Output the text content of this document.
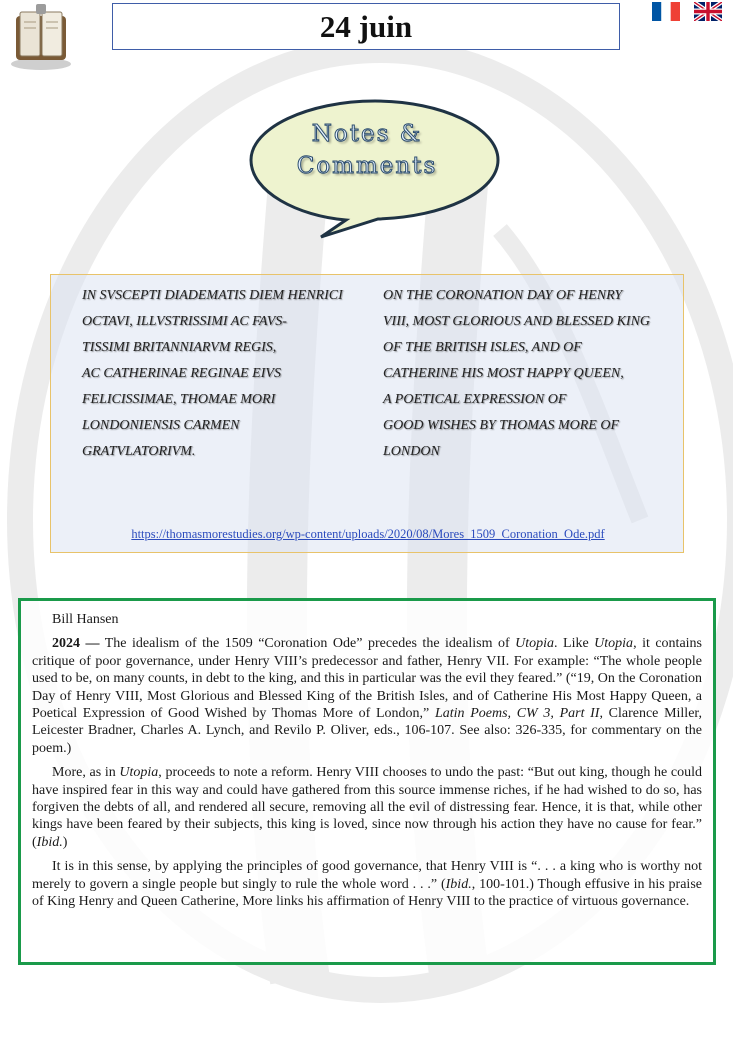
24 juin
Notes &
Comments
IN SVSCEPTI DIADEMATIS DIEM HENRICI
OCTAVI, ILLVSTRISSIMI AC FAVS-
TISSIMI BRITANNIARVM REGIS,
AC CATHERINAE REGINAE EIVS
FELICISSIMAE, THOMAE MORI
LONDONIENSIS CARMEN
GRATVLATORIVM.
ON THE CORONATION DAY OF HENRY
VIII, MOST GLORIOUS AND BLESSED KING
OF THE BRITISH ISLES, AND OF
CATHERINE HIS MOST HAPPY QUEEN,
A POETICAL EXPRESSION OF
GOOD WISHES BY THOMAS MORE OF
LONDON
https://thomasmorestudies.org/wp-content/uploads/2020/08/Mores_1509_Coronation_Ode.pdf

Bill Hansen

2024 — The idealism of the 1509 “Coronation Ode” precedes the idealism of Utopia. Like Utopia, it contains critique of poor governance, under Henry VIII’s predecessor and father, Henry VII. For example: “The whole people used to be, on many counts, in debt to the king, and this in particular was the evil they feared.” (“19, On the Coronation Day of Henry VIII, Most Glorious and Blessed King of the British Isles, and of Catherine His Most Happy Queen, a Poetical Expression of Good Wished by Thomas More of London,” Latin Poems, CW 3, Part II, Clarence Miller, Leicester Bradner, Charles A. Lynch, and Revilo P. Oliver, eds., 106-107. See also: 326-335, for commentary on the poem.)

More, as in Utopia, proceeds to note a reform. Henry VIII chooses to undo the past: “But out king, though he could have inspired fear in this way and could have gathered from this source immense riches, if he had wished to do so, has forgiven the debts of all, and rendered all secure, removing all the evil of distressing fear. Hence, it is that, while other kings have been feared by their subjects, this king is loved, since now through his action they have no cause for fear.” (Ibid.)

It is in this sense, by applying the principles of good governance, that Henry VIII is “. . . a king who is worthy not merely to govern a single people but singly to rule the whole word . . .” (Ibid., 100-101.) Though effusive in his praise of King Henry and Queen Catherine, More links his affirmation of Henry VIII to the practice of virtuous governance.
